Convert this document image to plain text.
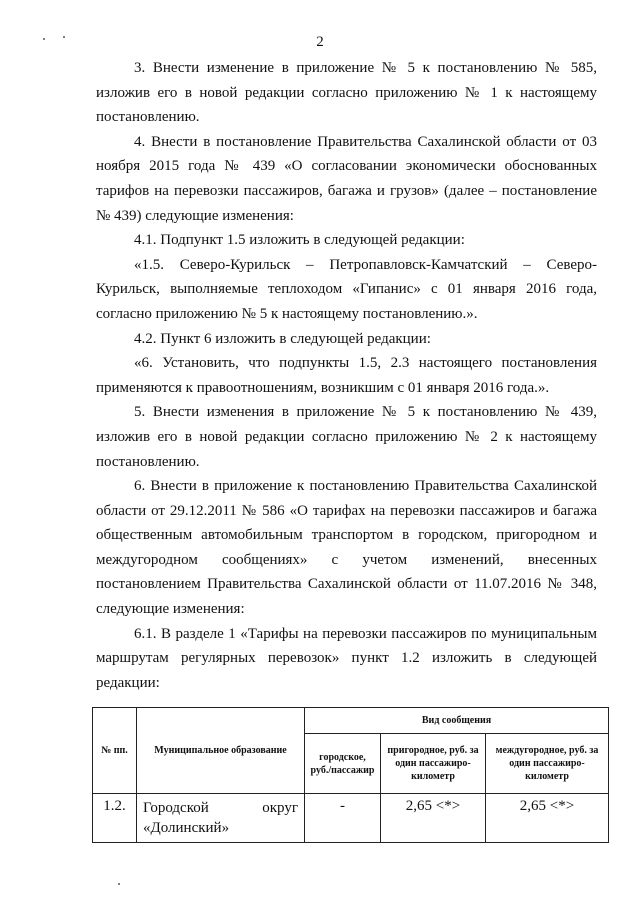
2

3. Внести изменение в приложение № 5 к постановлению № 585, изложив его в новой редакции согласно приложению № 1 к настоящему постановлению.

4. Внести в постановление Правительства Сахалинской области от 03 ноября 2015 года № 439 «О согласовании экономически обоснованных тарифов на перевозки пассажиров, багажа и грузов» (далее – постановление № 439) следующие изменения:

4.1. Подпункт 1.5 изложить в следующей редакции:

«1.5. Северо-Курильск – Петропавловск-Камчатский – Северо-Курильск, выполняемые теплоходом «Гипанис» с 01 января 2016 года, согласно приложению № 5 к настоящему постановлению.».

4.2. Пункт 6 изложить в следующей редакции:

«6. Установить, что подпункты 1.5, 2.3 настоящего постановления применяются к правоотношениям, возникшим с 01 января 2016 года.».

5. Внести изменения в приложение № 5 к постановлению № 439, изложив его в новой редакции согласно приложению № 2 к настоящему постановлению.

6. Внести в приложение к постановлению Правительства Сахалинской области от 29.12.2011 № 586 «О тарифах на перевозки пассажиров и багажа общественным автомобильным транспортом в городском, пригородном и междугородном сообщениях» с учетом изменений, внесенных постановлением Правительства Сахалинской области от 11.07.2016 № 348, следующие изменения:

6.1. В разделе 1 «Тарифы на перевозки пассажиров по муниципальным маршрутам регулярных перевозок» пункт 1.2 изложить в следующей редакции:

№ пп.	Муниципальное образование	Вид сообщения		
		городское, руб./пассажир	пригородное, руб. за один пассажиро-километр	междугородное, руб. за один пассажиро-километр
1.2.	Городской округ «Долинский»	-	2,65 <*>	2,65 <*>
